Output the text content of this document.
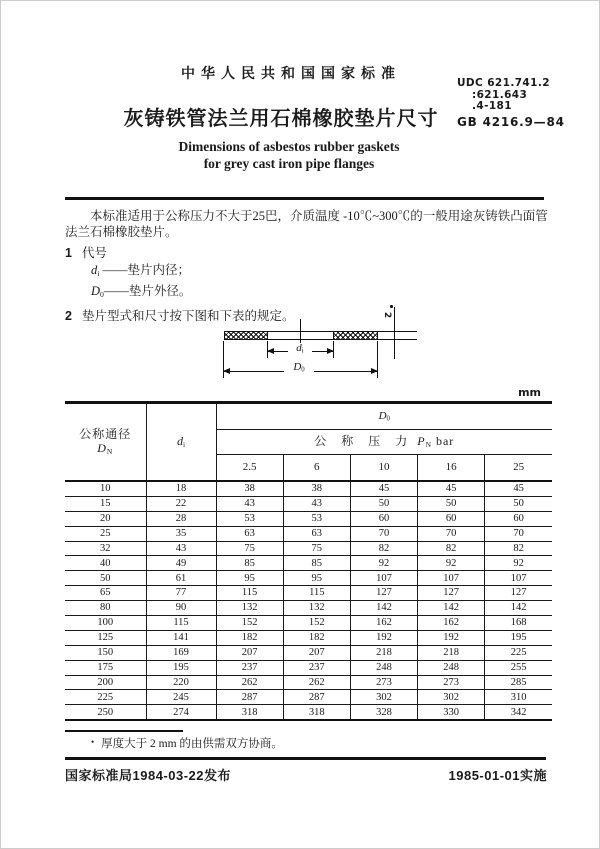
中华人民共和国国家标准
UDC 621.741.2
:621.643
.4-181
GB 4216.9—84
灰铸铁管法兰用石棉橡胶垫片尺寸
Dimensions of asbestos rubber gaskets
for grey cast iron pipe flanges

本标准适用于公称压力不大于25巴，介质温度 -10℃~300℃的一般用途灰铸铁凸面管法兰石棉橡胶垫片。

1 代号

$d_i$ ——垫片内径；

$D_0——$垫片外径。

2 垫片型式和尺寸按下图和下表的规定。

$d_i$
$D_0$
2
mm
公称通径
$D_N$	$d_i$	$D_0$
		公 称 压 力 $P_N$ bar				
		2.5	6	10	16	25
10	18	38	38	45	45	45
15	22	43	43	50	50	50
20	28	53	53	60	60	60
25	35	63	63	70	70	70
32	43	75	75	82	82	82
40	49	85	85	92	92	92
50	61	95	95	107	107	107
65	77	115	115	127	127	127
80	90	132	132	142	142	142
100	115	152	152	162	162	168
125	141	182	182	192	192	195
150	169	207	207	218	218	225
175	195	237	237	248	248	255
200	220	262	262	273	273	285
225	245	287	287	302	302	310
250	274	318	318	328	330	342
• 厚度大于 2 mm 的由供需双方协商。
国家标准局1984-03-22发布	1985-01-01实施
